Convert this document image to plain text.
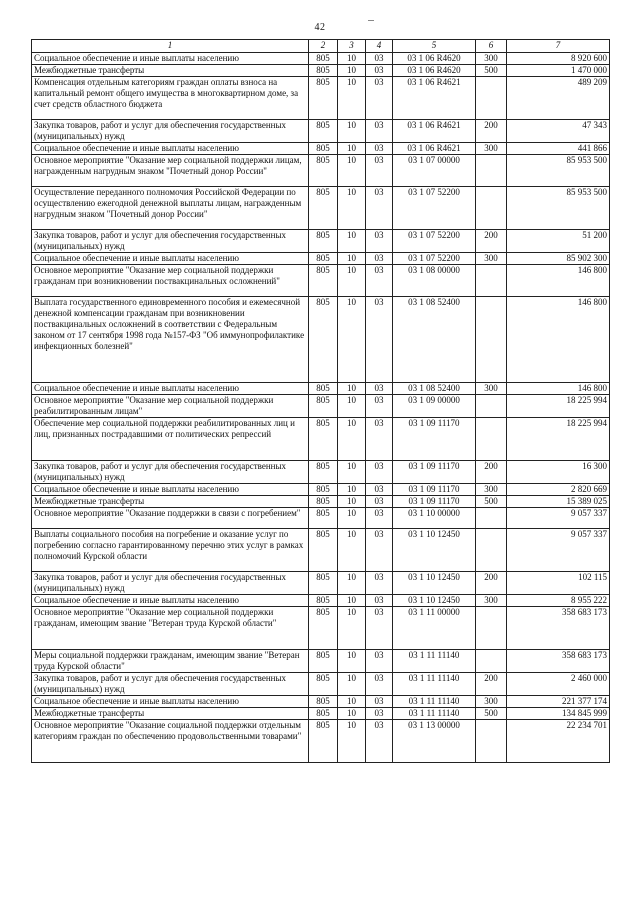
42
1	2	3	4	5	6	7
Социальное обеспечение и иные выплаты населению	805	10	03	03 1 06 R4620	300	8 920 600
Межбюджетные трансферты	805	10	03	03 1 06 R4620	500	1 470 000
Компенсация отдельным категориям граждан оплаты взноса на капитальный ремонт общего имущества в многоквартирном доме, за счет средств областного бюджета	805	10	03	03 1 06 R4621		489 209
Закупка товаров, работ и услуг для обеспечения государственных (муниципальных) нужд	805	10	03	03 1 06 R4621	200	47 343
Социальное обеспечение и иные выплаты населению	805	10	03	03 1 06 R4621	300	441 866
Основное мероприятие "Оказание мер социальной поддержки лицам, награжденным нагрудным знаком "Почетный донор России"	805	10	03	03 1 07 00000		85 953 500
Осуществление переданного полномочия Российской Федерации по осуществлению ежегодной денежной выплаты лицам, награжденным нагрудным знаком "Почетный донор России"	805	10	03	03 1 07 52200		85 953 500
Закупка товаров, работ и услуг для обеспечения государственных (муниципальных) нужд	805	10	03	03 1 07 52200	200	51 200
Социальное обеспечение и иные выплаты населению	805	10	03	03 1 07 52200	300	85 902 300
Основное мероприятие "Оказание мер социальной поддержки гражданам при возникновении поствакцинальных осложнений"	805	10	03	03 1 08 00000		146 800
Выплата государственного единовременного пособия и ежемесячной денежной компенсации гражданам при возникновении поствакцинальных осложнений в соответствии с Федеральным законом от 17 сентября 1998 года №157-ФЗ "Об иммунопрофилактике инфекционных болезней"	805	10	03	03 1 08 52400		146 800
Социальное обеспечение и иные выплаты населению	805	10	03	03 1 08 52400	300	146 800
Основное мероприятие "Оказание мер социальной поддержки реабилитированным лицам"	805	10	03	03 1 09 00000		18 225 994
Обеспечение мер социальной поддержки реабилитированных лиц и лиц, признанных пострадавшими от политических репрессий	805	10	03	03 1 09 11170		18 225 994
Закупка товаров, работ и услуг для обеспечения государственных (муниципальных) нужд	805	10	03	03 1 09 11170	200	16 300
Социальное обеспечение и иные выплаты населению	805	10	03	03 1 09 11170	300	2 820 669
Межбюджетные трансферты	805	10	03	03 1 09 11170	500	15 389 025
Основное мероприятие "Оказание поддержки в связи с погребением"	805	10	03	03 1 10 00000		9 057 337
Выплаты социального пособия на погребение и оказание услуг по погребению согласно гарантированному перечню этих услуг в рамках полномочий Курской области	805	10	03	03 1 10 12450		9 057 337
Закупка товаров, работ и услуг для обеспечения государственных (муниципальных) нужд	805	10	03	03 1 10 12450	200	102 115
Социальное обеспечение и иные выплаты населению	805	10	03	03 1 10 12450	300	8 955 222
Основное мероприятие "Оказание мер социальной поддержки гражданам, имеющим звание "Ветеран труда Курской области"	805	10	03	03 1 11 00000		358 683 173
Меры социальной поддержки гражданам, имеющим звание "Ветеран труда Курской области"	805	10	03	03 1 11 11140		358 683 173
Закупка товаров, работ и услуг для обеспечения государственных (муниципальных) нужд	805	10	03	03 1 11 11140	200	2 460 000
Социальное обеспечение и иные выплаты населению	805	10	03	03 1 11 11140	300	221 377 174
Межбюджетные трансферты	805	10	03	03 1 11 11140	500	134 845 999
Основное мероприятие "Оказание социальной поддержки отдельным категориям граждан по обеспечению продовольственными товарами"	805	10	03	03 1 13 00000		22 234 701
